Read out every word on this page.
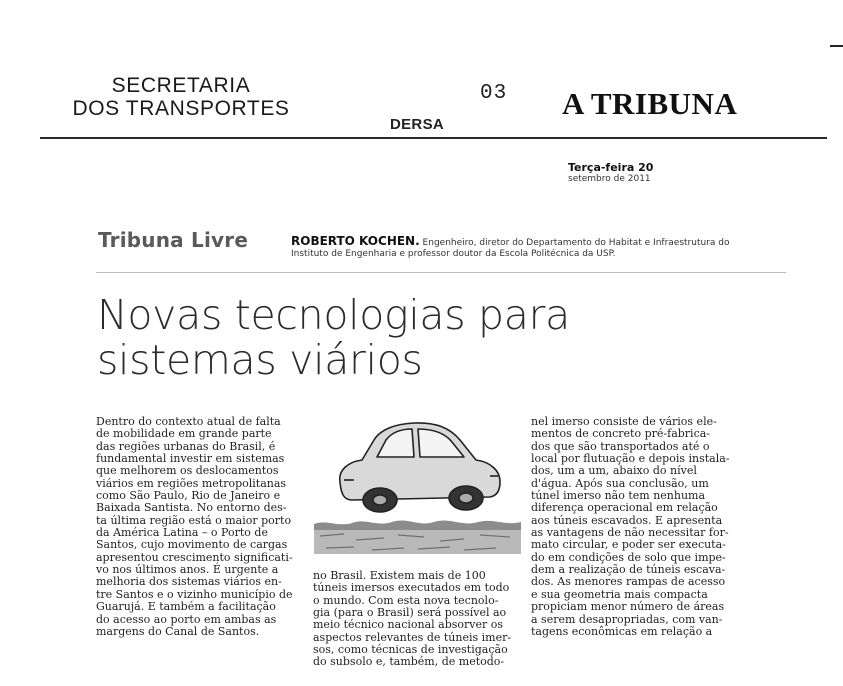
SECRETARIA
DOS TRANSPORTES
03
DERSA
A TRIBUNA
Terça-feira 20
setembro de 2011
Tribuna Livre	ROBERTO KOCHEN. Engenheiro, diretor do Departamento do Habitat e Infraestrutura do Instituto de Engenharia e professor doutor da Escola Politécnica da USP.
Novas tecnologias para
sistemas viários
Dentro do contexto atual de falta
de mobilidade em grande parte
das regiões urbanas do Brasil, é
fundamental investir em sistemas
que melhorem os deslocamentos
viários em regiões metropolitanas
como São Paulo, Rio de Janeiro e
Baixada Santista. No entorno des-
ta última região está o maior porto
da América Latina – o Porto de
Santos, cujo movimento de cargas
apresentou crescimento significati-
vo nos últimos anos. É urgente a
melhoria dos sistemas viários en-
tre Santos e o vizinho município de
Guarujá. E também a facilitação
do acesso ao porto em ambas as
margens do Canal de Santos.
no Brasil. Existem mais de 100
túneis imersos executados em todo
o mundo. Com esta nova tecnolo-
gia (para o Brasil) será possível ao
meio técnico nacional absorver os
aspectos relevantes de túneis imer-
sos, como técnicas de investigação
do subsolo e, também, de metodo-
nel imerso consiste de vários ele-
mentos de concreto pré-fabrica-
dos que são transportados até o
local por flutuação e depois instala-
dos, um a um, abaixo do nível
d'água. Após sua conclusão, um
túnel imerso não tem nenhuma
diferença operacional em relação
aos túneis escavados. E apresenta
as vantagens de não necessitar for-
mato circular, e poder ser executa-
do em condições de solo que impe-
dem a realização de túneis escava-
dos. As menores rampas de acesso
e sua geometria mais compacta
propiciam menor número de áreas
a serem desapropriadas, com van-
tagens econômicas em relação a
